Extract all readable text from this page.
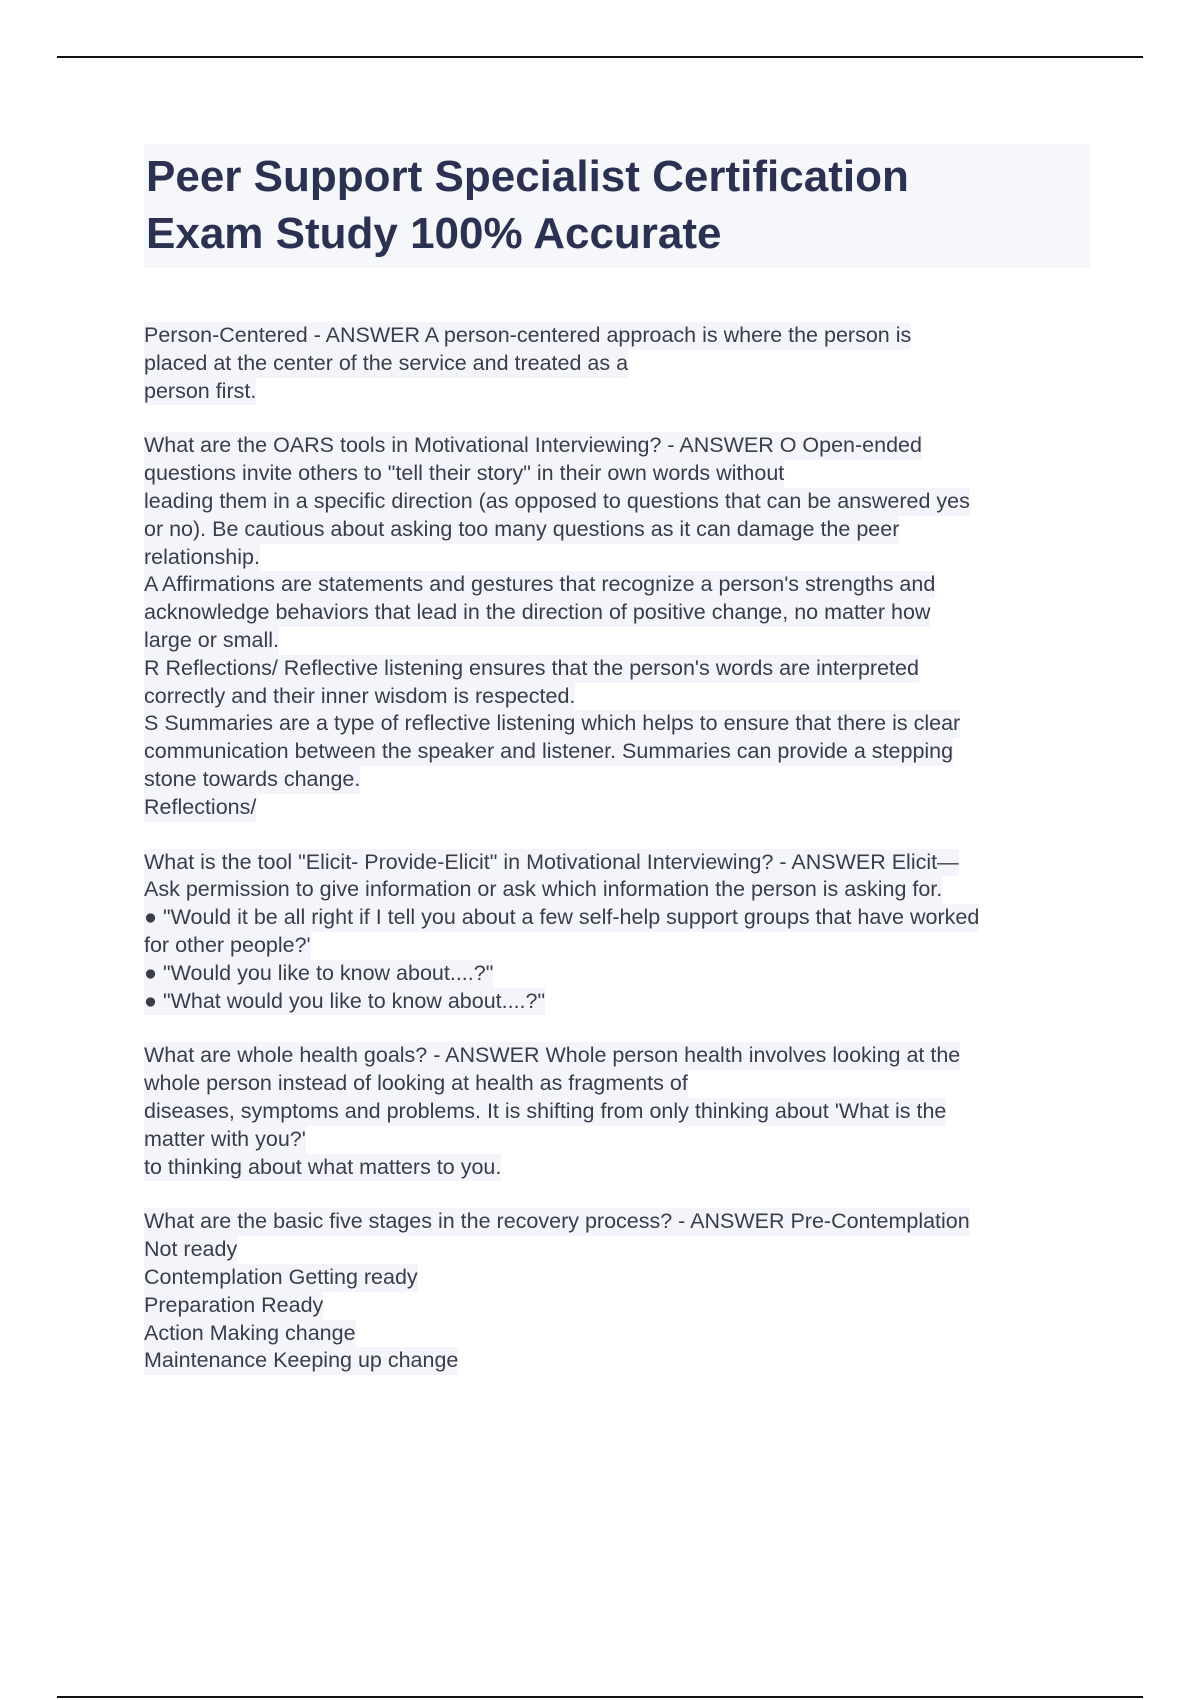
Peer Support Specialist Certification
Exam Study 100% Accurate
Person-Centered - ANSWER A person-centered approach is where the person is
placed at the center of the service and treated as a
person first.
What are the OARS tools in Motivational Interviewing? - ANSWER O Open-ended
questions invite others to "tell their story" in their own words without
leading them in a specific direction (as opposed to questions that can be answered yes
or no). Be cautious about asking too many questions as it can damage the peer
relationship.
A Affirmations are statements and gestures that recognize a person's strengths and
acknowledge behaviors that lead in the direction of positive change, no matter how
large or small.
R Reflections/ Reflective listening ensures that the person's words are interpreted
correctly and their inner wisdom is respected.
S Summaries are a type of reflective listening which helps to ensure that there is clear
communication between the speaker and listener. Summaries can provide a stepping
stone towards change.
Reflections/
What is the tool "Elicit- Provide-Elicit" in Motivational Interviewing? - ANSWER Elicit—
Ask permission to give information or ask which information the person is asking for.
● "Would it be all right if I tell you about a few self-help support groups that have worked
for other people?'
● "Would you like to know about....?"
● "What would you like to know about....?"
What are whole health goals? - ANSWER Whole person health involves looking at the
whole person instead of looking at health as fragments of
diseases, symptoms and problems. It is shifting from only thinking about 'What is the
matter with you?'
to thinking about what matters to you.
What are the basic five stages in the recovery process? - ANSWER Pre-Contemplation
Not ready
Contemplation Getting ready
Preparation Ready
Action Making change
Maintenance Keeping up change
